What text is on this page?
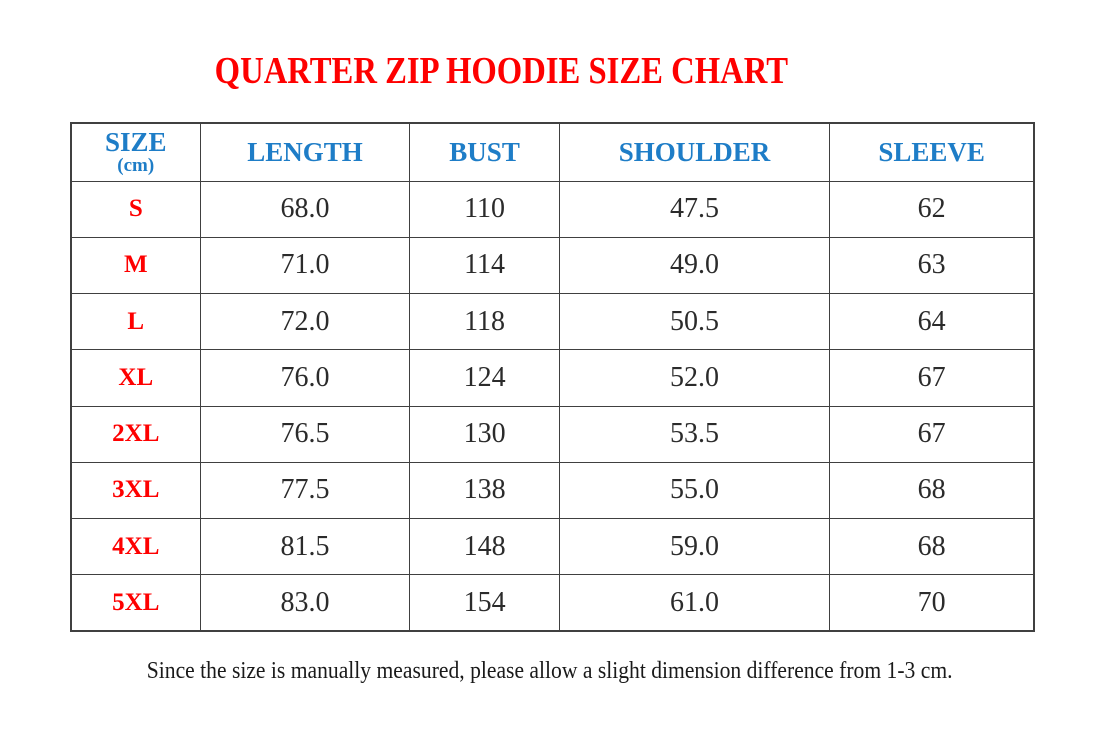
QUARTER ZIP HOODIE SIZE CHART
SIZE
(cm)	LENGTH	BUST	SHOULDER	SLEEVE
S	68.0	110	47.5	62
M	71.0	114	49.0	63
L	72.0	118	50.5	64
XL	76.0	124	52.0	67
2XL	76.5	130	53.5	67
3XL	77.5	138	55.0	68
4XL	81.5	148	59.0	68
5XL	83.0	154	61.0	70
Since the size is manually measured, please allow a slight dimension difference from 1-3 cm.
